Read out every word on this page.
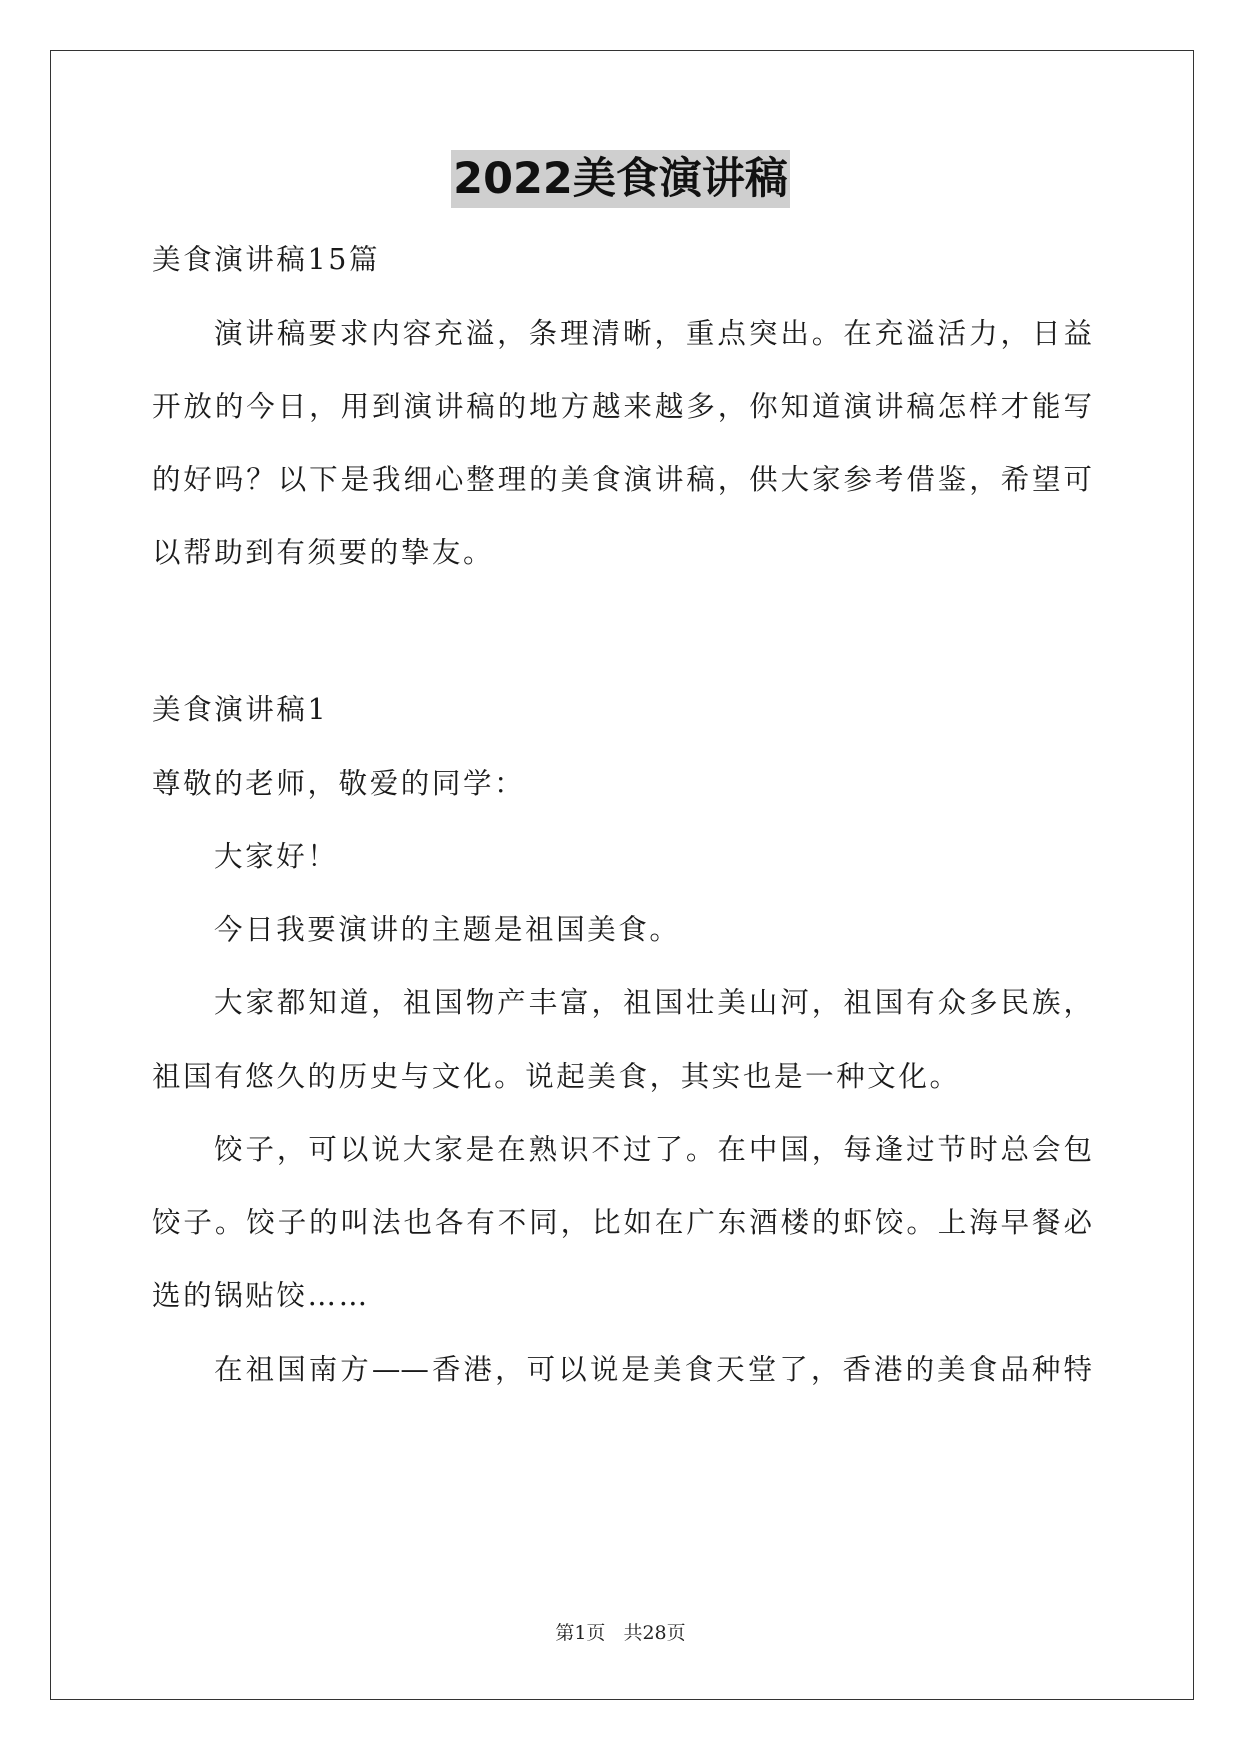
2022美食演讲稿
美食演讲稿15篇
演讲稿要求内容充溢，条理清晰，重点突出。在充溢活力，日益
开放的今日，用到演讲稿的地方越来越多，你知道演讲稿怎样才能写
的好吗？以下是我细心整理的美食演讲稿，供大家参考借鉴，希望可
以帮助到有须要的挚友。
美食演讲稿1
尊敬的老师，敬爱的同学：
大家好！
今日我要演讲的主题是祖国美食。
大家都知道，祖国物产丰富，祖国壮美山河，祖国有众多民族，
祖国有悠久的历史与文化。说起美食，其实也是一种文化。
饺子，可以说大家是在熟识不过了。在中国，每逢过节时总会包
饺子。饺子的叫法也各有不同，比如在广东酒楼的虾饺。上海早餐必
选的锅贴饺……
在祖国南方——香港，可以说是美食天堂了，香港的美食品种特
第1页 共28页
